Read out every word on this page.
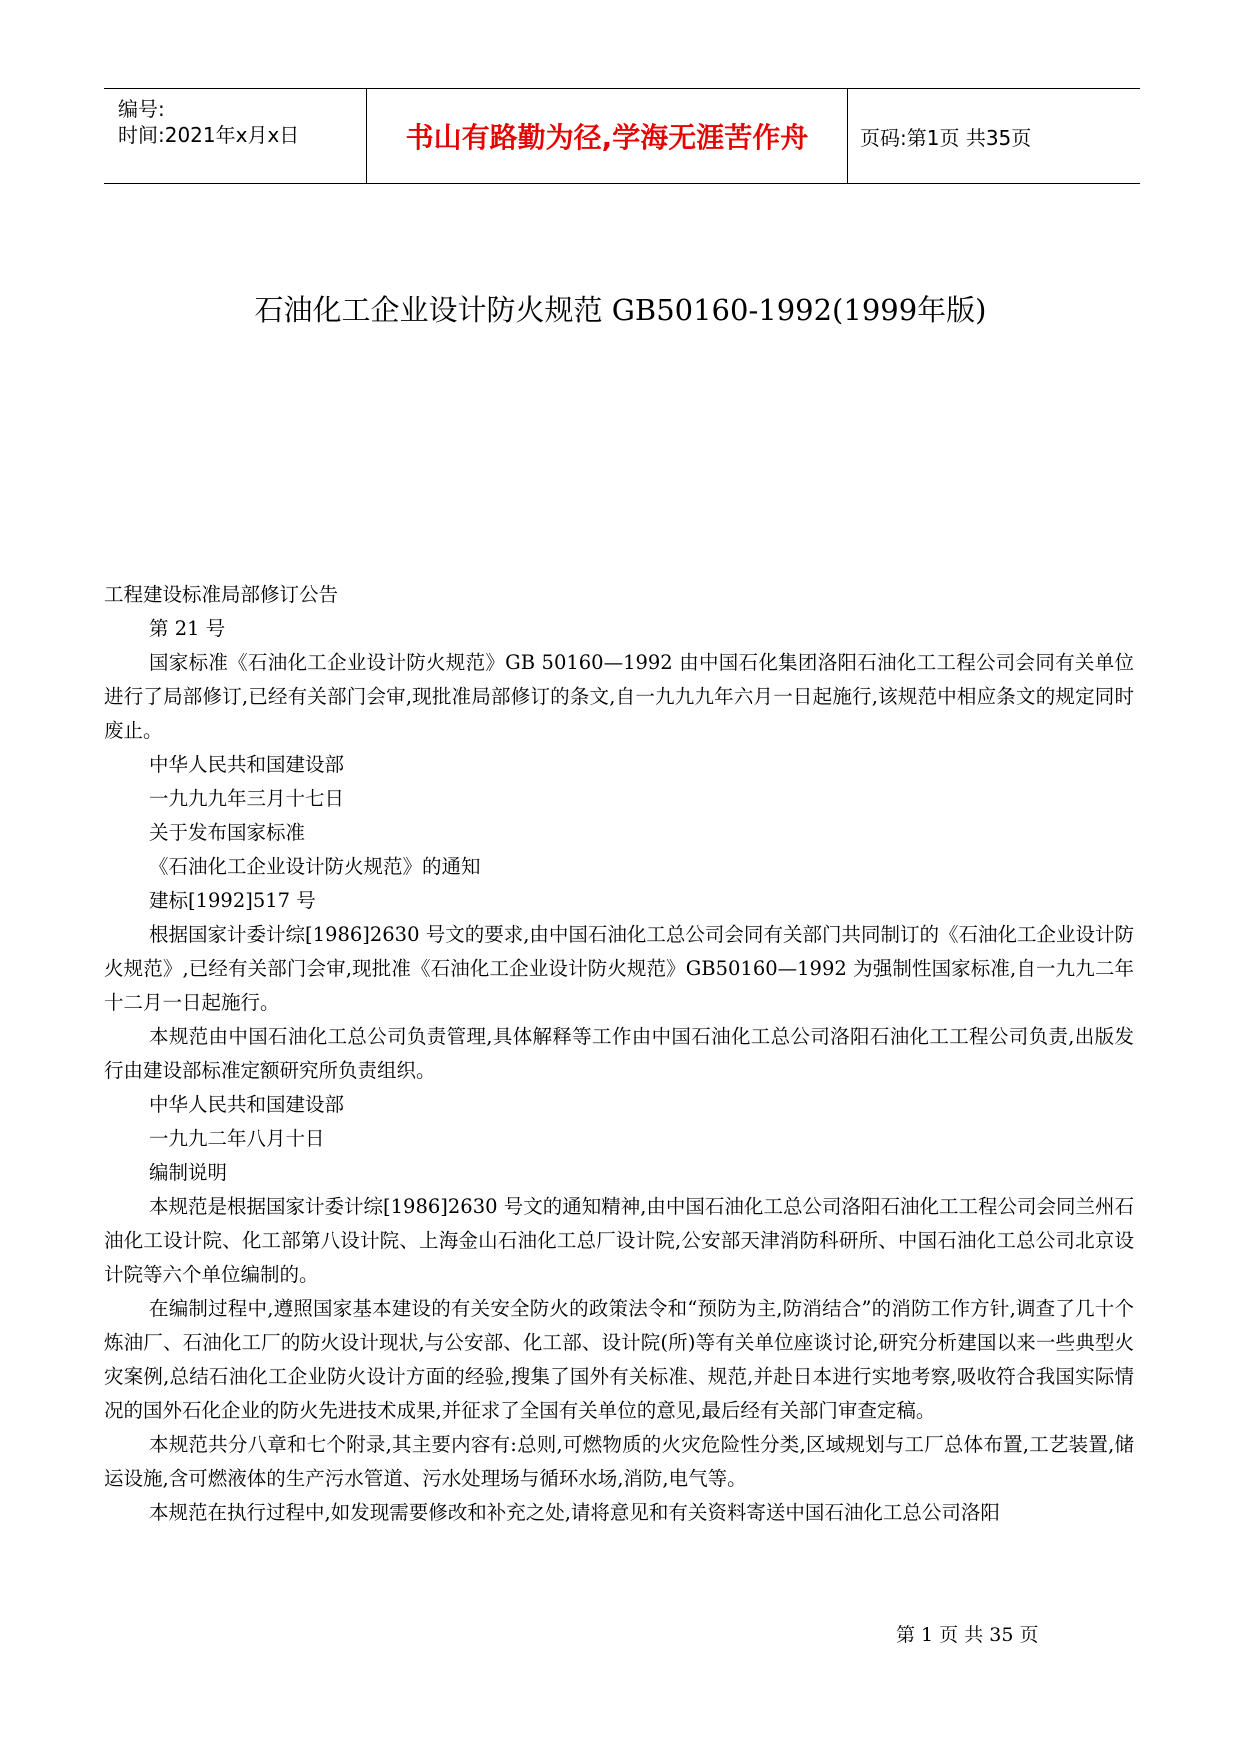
编号:
时间:2021年x月x日	书山有路勤为径,学海无涯苦作舟	页码:第1页 共35页
石油化工企业设计防火规范 GB50160-1992(1999年版)

工程建设标准局部修订公告

第 21 号

国家标准《石油化工企业设计防火规范》GB 50160—1992 由中国石化集团洛阳石油化工工程公司会同有关单位进行了局部修订,已经有关部门会审,现批准局部修订的条文,自一九九九年六月一日起施行,该规范中相应条文的规定同时废止。

中华人民共和国建设部

一九九九年三月十七日

关于发布国家标准

《石油化工企业设计防火规范》的通知

建标[1992]517 号

根据国家计委计综[1986]2630 号文的要求,由中国石油化工总公司会同有关部门共同制订的《石油化工企业设计防火规范》,已经有关部门会审,现批准《石油化工企业设计防火规范》GB50160—1992 为强制性国家标准,自一九九二年十二月一日起施行。

本规范由中国石油化工总公司负责管理,具体解释等工作由中国石油化工总公司洛阳石油化工工程公司负责,出版发行由建设部标准定额研究所负责组织。

中华人民共和国建设部

一九九二年八月十日

编制说明

本规范是根据国家计委计综[1986]2630 号文的通知精神,由中国石油化工总公司洛阳石油化工工程公司会同兰州石油化工设计院、化工部第八设计院、上海金山石油化工总厂设计院,公安部天津消防科研所、中国石油化工总公司北京设计院等六个单位编制的。

在编制过程中,遵照国家基本建设的有关安全防火的政策法令和“预防为主,防消结合”的消防工作方针,调查了几十个炼油厂、石油化工厂的防火设计现状,与公安部、化工部、设计院(所)等有关单位座谈讨论,研究分析建国以来一些典型火灾案例,总结石油化工企业防火设计方面的经验,搜集了国外有关标准、规范,并赴日本进行实地考察,吸收符合我国实际情况的国外石化企业的防火先进技术成果,并征求了全国有关单位的意见,最后经有关部门审查定稿。

本规范共分八章和七个附录,其主要内容有:总则,可燃物质的火灾危险性分类,区域规划与工厂总体布置,工艺装置,储运设施,含可燃液体的生产污水管道、污水处理场与循环水场,消防,电气等。

本规范在执行过程中,如发现需要修改和补充之处,请将意见和有关资料寄送中国石油化工总公司洛阳

第 1 页 共 35 页
